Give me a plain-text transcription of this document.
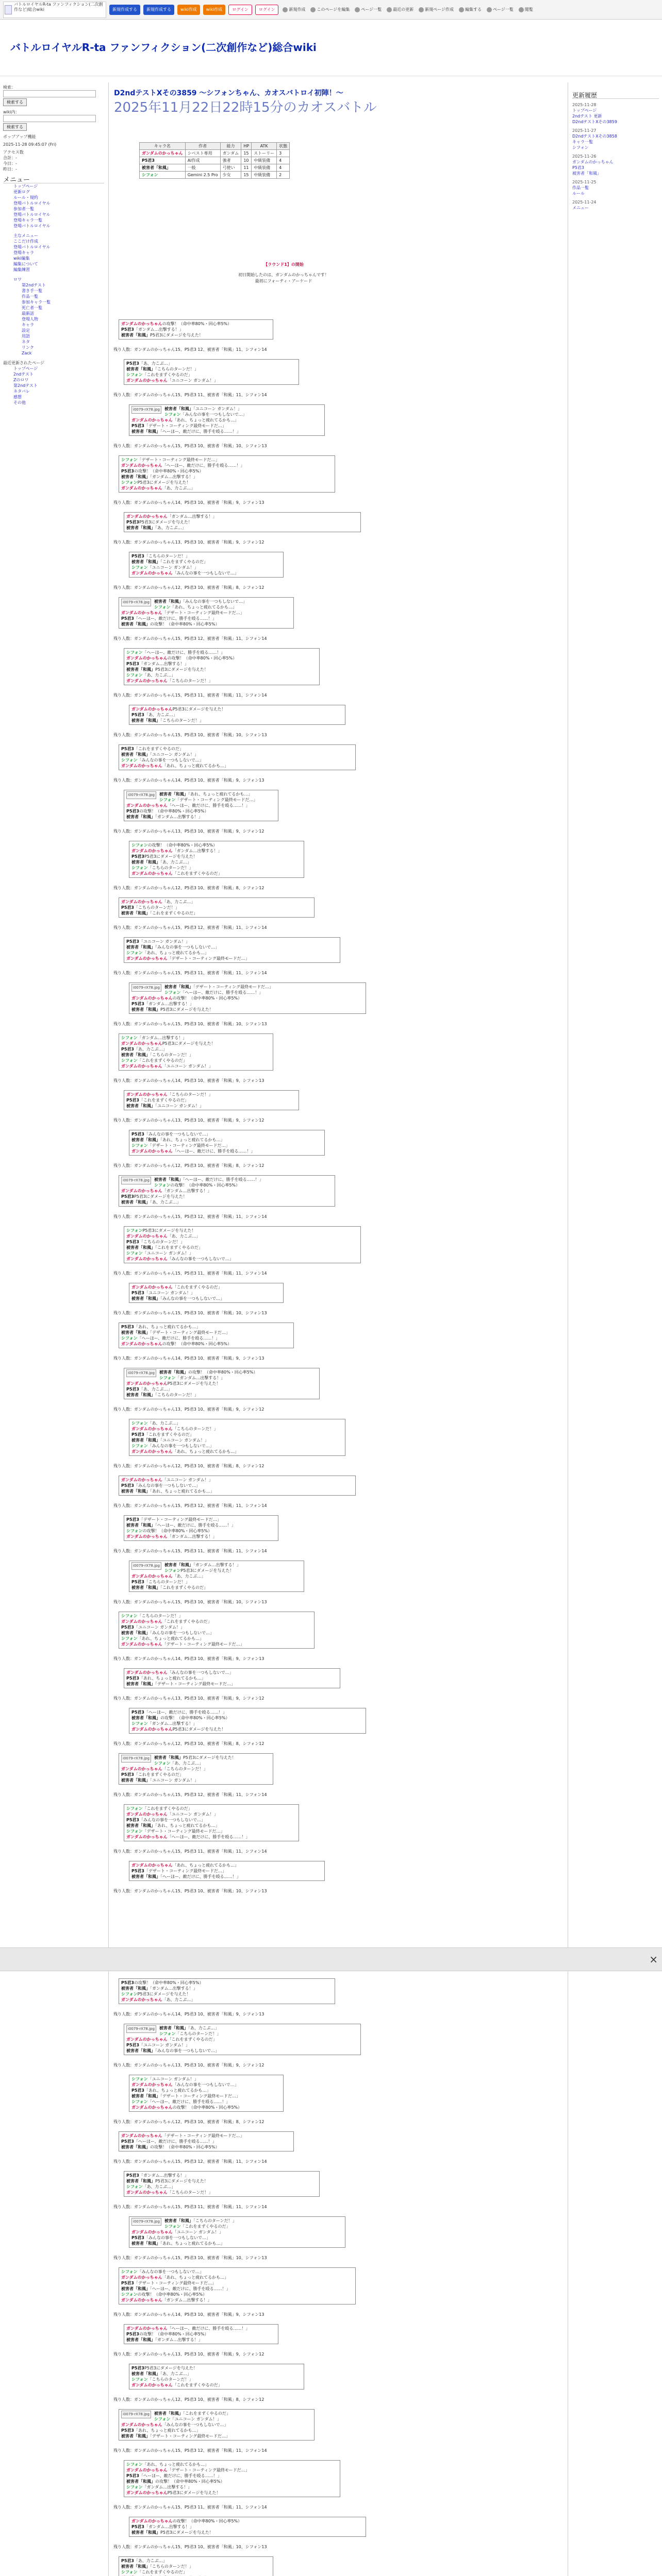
バトルロイヤルR-ta ファンフィクション(二次創作など)総合wiki	新規作成する	新規作成する	wiki作成	wiki作成	ログイン	ログイン	新規作成	このページを編集	ページ一覧	最近の更新	新規ページ作成	編集する	ページ一覧	閲覧
バトルロイヤルR-ta ファンフィクション(二次創作など)総合wiki
検索：
検索する
wiki内：
検索する
ポップアップ機能
2025-11-28 09:45:07 (Fri)
アクセス数
合計：-
今日：-
昨日：-
メニュー
トップページ
更新ログ
ルール・規約
登場バトルロイヤル
参加者一覧
登場バトルロイヤル
登場キャラ一覧
登場バトルロイヤル
主なメニュー
ここだけ作成
登場バトルロイヤル
登場キャラ
wiki編集
編集について
編集練習
ロワ
第2ndテスト
書き手一覧
作品一覧
参加キャラ一覧
死亡者一覧
最新話
登場人物
キャラ
設定
用語
ネタ
リンク
Zack
最近更新されたページ
トップページ
2ndテスト
Zのロワ
第2ndテスト
ネタバレ
感想
その他
更新履歴
2025-11-28
トップページ
2ndテスト 更新
D2ndテストXその3859
2025-11-27
D2ndテストXその3858
キャラ一覧
シフォン
2025-11-26
ガンダムのかっちゃん
P5君3
被害者「和風」
2025-11-25
作品一覧
ルール
2025-11-24
メニュー
D2ndテストXその3859 ～シフォンちゃん、カオスバトロイ初陣！～
2025年11月22日22時15分のカオスバトル
キャラ名	作者	能力	HP	ATK	状態
ガンダムのかっちゃん	シベスト専用	ガンダム	15	ストーリー	3
P5君3	AI作成	強者	10	中級装備	4
被害者「和風」	一般	弓使い	11	中級装備	4
シフォン	Gemini 2.5 Pro	少女	15	中級装備	2
【ラウンド1】の開始
初日開始したのは、ガンダムのかっちゃんです！
最初にフォーティ・アーケード
ガンダムのかっちゃんの攻撃！（命中率80%・回心率5%）
P5君3「ガンダム…出撃する！」
被害者「和風」P5君3にダメージを与えた！
残り人数：ガンダムのかっちゃん15、P5君3 12、被害者「和風」11、シフォン14
P5君3「あ、力こぶ…」
被害者「和風」「こちらのターンだ！」
シフォン「これをまずくやるのだ」
ガンダムのかっちゃん「ユニコーン ガンダム！」
残り人数：ガンダムのかっちゃん15、P5君3 11、被害者「和風」11、シフォン14
i0079-rX78.jpg	被害者「和風」「ユニコーン ガンダム！」
シフォン「みんなの事を一つもしないで…」
ガンダムのかっちゃん「あれ、ちょっと疲れてるかも…」
P5君3「デザート・コーティング最終モードだ…」
被害者「和風」「へーほー、敵だけに、勝手を殴る……！」
残り人数：ガンダムのかっちゃん15、P5君3 10、被害者「和風」10、シフォン13
シフォン「デザート・コーティング最終モードだ…」
ガンダムのかっちゃん「へーほー、敵だけに、勝手を殴る……！」
P5君3の攻撃！（命中率80%・回心率5%）
被害者「和風」「ガンダム…出撃する！」
シフォンP5君3にダメージを与えた！
ガンダムのかっちゃん「あ、力こぶ…」
残り人数：ガンダムのかっちゃん14、P5君3 10、被害者「和風」9、シフォン13
ガンダムのかっちゃん「ガンダム…出撃する！」
P5君3P5君3にダメージを与えた！
被害者「和風」「あ、力こぶ…」
残り人数：ガンダムのかっちゃん13、P5君3 10、被害者「和風」9、シフォン12
P5君3「こちらのターンだ！」
被害者「和風」「これをまずくやるのだ」
シフォン「ユニコーン ガンダム！」
ガンダムのかっちゃん「みんなの事を一つもしないで…」
残り人数：ガンダムのかっちゃん12、P5君3 10、被害者「和風」8、シフォン12
i0079-rX78.jpg	被害者「和風」「みんなの事を一つもしないで…」
シフォン「あれ、ちょっと疲れてるかも…」
ガンダムのかっちゃん「デザート・コーティング最終モードだ…」
P5君3「へーほー、敵だけに、勝手を殴る……！」
被害者「和風」の攻撃！（命中率80%・回心率5%）
残り人数：ガンダムのかっちゃん15、P5君3 12、被害者「和風」11、シフォン14
シフォン「へーほー、敵だけに、勝手を殴る……！」
ガンダムのかっちゃんの攻撃！（命中率80%・回心率5%）
P5君3「ガンダム…出撃する！」
被害者「和風」P5君3にダメージを与えた！
シフォン「あ、力こぶ…」
ガンダムのかっちゃん「こちらのターンだ！」
残り人数：ガンダムのかっちゃん15、P5君3 11、被害者「和風」11、シフォン14
ガンダムのかっちゃんP5君3にダメージを与えた！
P5君3「あ、力こぶ…」
被害者「和風」「こちらのターンだ！」
残り人数：ガンダムのかっちゃん15、P5君3 10、被害者「和風」10、シフォン13
P5君3「これをまずくやるのだ」
被害者「和風」「ユニコーン ガンダム！」
シフォン「みんなの事を一つもしないで…」
ガンダムのかっちゃん「あれ、ちょっと疲れてるかも…」
残り人数：ガンダムのかっちゃん14、P5君3 10、被害者「和風」9、シフォン13
i0079-rX78.jpg	被害者「和風」「あれ、ちょっと疲れてるかも…」
シフォン「デザート・コーティング最終モードだ…」
ガンダムのかっちゃん「へーほー、敵だけに、勝手を殴る……！」
P5君3の攻撃！（命中率80%・回心率5%）
被害者「和風」「ガンダム…出撃する！」
残り人数：ガンダムのかっちゃん13、P5君3 10、被害者「和風」9、シフォン12
シフォンの攻撃！（命中率80%・回心率5%）
ガンダムのかっちゃん「ガンダム…出撃する！」
P5君3P5君3にダメージを与えた！
被害者「和風」「あ、力こぶ…」
シフォン「こちらのターンだ！」
ガンダムのかっちゃん「これをまずくやるのだ」
残り人数：ガンダムのかっちゃん12、P5君3 10、被害者「和風」8、シフォン12
ガンダムのかっちゃん「あ、力こぶ…」
P5君3「こちらのターンだ！」
被害者「和風」「これをまずくやるのだ」
残り人数：ガンダムのかっちゃん15、P5君3 12、被害者「和風」11、シフォン14
P5君3「ユニコーン ガンダム！」
被害者「和風」「みんなの事を一つもしないで…」
シフォン「あれ、ちょっと疲れてるかも…」
ガンダムのかっちゃん「デザート・コーティング最終モードだ…」
残り人数：ガンダムのかっちゃん15、P5君3 11、被害者「和風」11、シフォン14
i0079-rX78.jpg	被害者「和風」「デザート・コーティング最終モードだ…」
シフォン「へーほー、敵だけに、勝手を殴る……！」
ガンダムのかっちゃんの攻撃！（命中率80%・回心率5%）
P5君3「ガンダム…出撃する！」
被害者「和風」P5君3にダメージを与えた！
残り人数：ガンダムのかっちゃん15、P5君3 10、被害者「和風」10、シフォン13
シフォン「ガンダム…出撃する！」
ガンダムのかっちゃんP5君3にダメージを与えた！
P5君3「あ、力こぶ…」
被害者「和風」「こちらのターンだ！」
シフォン「これをまずくやるのだ」
ガンダムのかっちゃん「ユニコーン ガンダム！」
残り人数：ガンダムのかっちゃん14、P5君3 10、被害者「和風」9、シフォン13
ガンダムのかっちゃん「こちらのターンだ！」
P5君3「これをまずくやるのだ」
被害者「和風」「ユニコーン ガンダム！」
残り人数：ガンダムのかっちゃん13、P5君3 10、被害者「和風」9、シフォン12
P5君3「みんなの事を一つもしないで…」
被害者「和風」「あれ、ちょっと疲れてるかも…」
シフォン「デザート・コーティング最終モードだ…」
ガンダムのかっちゃん「へーほー、敵だけに、勝手を殴る……！」
残り人数：ガンダムのかっちゃん12、P5君3 10、被害者「和風」8、シフォン12
i0079-rX78.jpg	被害者「和風」「へーほー、敵だけに、勝手を殴る……！」
シフォンの攻撃！（命中率80%・回心率5%）
ガンダムのかっちゃん「ガンダム…出撃する！」
P5君3P5君3にダメージを与えた！
被害者「和風」「あ、力こぶ…」
残り人数：ガンダムのかっちゃん15、P5君3 12、被害者「和風」11、シフォン14
シフォンP5君3にダメージを与えた！
ガンダムのかっちゃん「あ、力こぶ…」
P5君3「こちらのターンだ！」
被害者「和風」「これをまずくやるのだ」
シフォン「ユニコーン ガンダム！」
ガンダムのかっちゃん「みんなの事を一つもしないで…」
残り人数：ガンダムのかっちゃん15、P5君3 11、被害者「和風」11、シフォン14
ガンダムのかっちゃん「これをまずくやるのだ」
P5君3「ユニコーン ガンダム！」
被害者「和風」「みんなの事を一つもしないで…」
残り人数：ガンダムのかっちゃん15、P5君3 10、被害者「和風」10、シフォン13
P5君3「あれ、ちょっと疲れてるかも…」
被害者「和風」「デザート・コーティング最終モードだ…」
シフォン「へーほー、敵だけに、勝手を殴る……！」
ガンダムのかっちゃんの攻撃！（命中率80%・回心率5%）
残り人数：ガンダムのかっちゃん14、P5君3 10、被害者「和風」9、シフォン13
i0079-rX78.jpg	被害者「和風」の攻撃！（命中率80%・回心率5%）
シフォン「ガンダム…出撃する！」
ガンダムのかっちゃんP5君3にダメージを与えた！
P5君3「あ、力こぶ…」
被害者「和風」「こちらのターンだ！」
残り人数：ガンダムのかっちゃん13、P5君3 10、被害者「和風」9、シフォン12
シフォン「あ、力こぶ…」
ガンダムのかっちゃん「こちらのターンだ！」
P5君3「これをまずくやるのだ」
被害者「和風」「ユニコーン ガンダム！」
シフォン「みんなの事を一つもしないで…」
ガンダムのかっちゃん「あれ、ちょっと疲れてるかも…」
残り人数：ガンダムのかっちゃん12、P5君3 10、被害者「和風」8、シフォン12
ガンダムのかっちゃん「ユニコーン ガンダム！」
P5君3「みんなの事を一つもしないで…」
被害者「和風」「あれ、ちょっと疲れてるかも…」
残り人数：ガンダムのかっちゃん15、P5君3 12、被害者「和風」11、シフォン14
P5君3「デザート・コーティング最終モードだ…」
被害者「和風」「へーほー、敵だけに、勝手を殴る……！」
シフォンの攻撃！（命中率80%・回心率5%）
ガンダムのかっちゃん「ガンダム…出撃する！」
残り人数：ガンダムのかっちゃん15、P5君3 11、被害者「和風」11、シフォン14
i0079-rX78.jpg	被害者「和風」「ガンダム…出撃する！」
シフォンP5君3にダメージを与えた！
ガンダムのかっちゃん「あ、力こぶ…」
P5君3「こちらのターンだ！」
被害者「和風」「これをまずくやるのだ」
残り人数：ガンダムのかっちゃん15、P5君3 10、被害者「和風」10、シフォン13
シフォン「こちらのターンだ！」
ガンダムのかっちゃん「これをまずくやるのだ」
P5君3「ユニコーン ガンダム！」
被害者「和風」「みんなの事を一つもしないで…」
シフォン「あれ、ちょっと疲れてるかも…」
ガンダムのかっちゃん「デザート・コーティング最終モードだ…」
残り人数：ガンダムのかっちゃん14、P5君3 10、被害者「和風」9、シフォン13
ガンダムのかっちゃん「みんなの事を一つもしないで…」
P5君3「あれ、ちょっと疲れてるかも…」
被害者「和風」「デザート・コーティング最終モードだ…」
残り人数：ガンダムのかっちゃん13、P5君3 10、被害者「和風」9、シフォン12
P5君3「へーほー、敵だけに、勝手を殴る……！」
被害者「和風」の攻撃！（命中率80%・回心率5%）
シフォン「ガンダム…出撃する！」
ガンダムのかっちゃんP5君3にダメージを与えた！
残り人数：ガンダムのかっちゃん12、P5君3 10、被害者「和風」8、シフォン12
i0079-rX78.jpg	被害者「和風」P5君3にダメージを与えた！
シフォン「あ、力こぶ…」
ガンダムのかっちゃん「こちらのターンだ！」
P5君3「これをまずくやるのだ」
被害者「和風」「ユニコーン ガンダム！」
残り人数：ガンダムのかっちゃん15、P5君3 12、被害者「和風」11、シフォン14
シフォン「これをまずくやるのだ」
ガンダムのかっちゃん「ユニコーン ガンダム！」
P5君3「みんなの事を一つもしないで…」
被害者「和風」「あれ、ちょっと疲れてるかも…」
シフォン「デザート・コーティング最終モードだ…」
ガンダムのかっちゃん「へーほー、敵だけに、勝手を殴る……！」
残り人数：ガンダムのかっちゃん15、P5君3 11、被害者「和風」11、シフォン14
ガンダムのかっちゃん「あれ、ちょっと疲れてるかも…」
P5君3「デザート・コーティング最終モードだ…」
被害者「和風」「へーほー、敵だけに、勝手を殴る……！」
残り人数：ガンダムのかっちゃん15、P5君3 10、被害者「和風」10、シフォン13
P5君3の攻撃！（命中率80%・回心率5%）
被害者「和風」「ガンダム…出撃する！」
シフォンP5君3にダメージを与えた！
ガンダムのかっちゃん「あ、力こぶ…」
残り人数：ガンダムのかっちゃん14、P5君3 10、被害者「和風」9、シフォン13
i0079-rX78.jpg	被害者「和風」「あ、力こぶ…」
シフォン「こちらのターンだ！」
ガンダムのかっちゃん「これをまずくやるのだ」
P5君3「ユニコーン ガンダム！」
被害者「和風」「みんなの事を一つもしないで…」
残り人数：ガンダムのかっちゃん13、P5君3 10、被害者「和風」9、シフォン12
シフォン「ユニコーン ガンダム！」
ガンダムのかっちゃん「みんなの事を一つもしないで…」
P5君3「あれ、ちょっと疲れてるかも…」
被害者「和風」「デザート・コーティング最終モードだ…」
シフォン「へーほー、敵だけに、勝手を殴る……！」
ガンダムのかっちゃんの攻撃！（命中率80%・回心率5%）
残り人数：ガンダムのかっちゃん12、P5君3 10、被害者「和風」8、シフォン12
ガンダムのかっちゃん「デザート・コーティング最終モードだ…」
P5君3「へーほー、敵だけに、勝手を殴る……！」
被害者「和風」の攻撃！（命中率80%・回心率5%）
残り人数：ガンダムのかっちゃん15、P5君3 12、被害者「和風」11、シフォン14
P5君3「ガンダム…出撃する！」
被害者「和風」P5君3にダメージを与えた！
シフォン「あ、力こぶ…」
ガンダムのかっちゃん「こちらのターンだ！」
残り人数：ガンダムのかっちゃん15、P5君3 11、被害者「和風」11、シフォン14
i0079-rX78.jpg	被害者「和風」「こちらのターンだ！」
シフォン「これをまずくやるのだ」
ガンダムのかっちゃん「ユニコーン ガンダム！」
P5君3「みんなの事を一つもしないで…」
被害者「和風」「あれ、ちょっと疲れてるかも…」
残り人数：ガンダムのかっちゃん15、P5君3 10、被害者「和風」10、シフォン13
シフォン「みんなの事を一つもしないで…」
ガンダムのかっちゃん「あれ、ちょっと疲れてるかも…」
P5君3「デザート・コーティング最終モードだ…」
被害者「和風」「へーほー、敵だけに、勝手を殴る……！」
シフォンの攻撃！（命中率80%・回心率5%）
ガンダムのかっちゃん「ガンダム…出撃する！」
残り人数：ガンダムのかっちゃん14、P5君3 10、被害者「和風」9、シフォン13
ガンダムのかっちゃん「へーほー、敵だけに、勝手を殴る……！」
P5君3の攻撃！（命中率80%・回心率5%）
被害者「和風」「ガンダム…出撃する！」
残り人数：ガンダムのかっちゃん13、P5君3 10、被害者「和風」9、シフォン12
P5君3P5君3にダメージを与えた！
被害者「和風」「あ、力こぶ…」
シフォン「こちらのターンだ！」
ガンダムのかっちゃん「これをまずくやるのだ」
残り人数：ガンダムのかっちゃん12、P5君3 10、被害者「和風」8、シフォン12
i0079-rX78.jpg	被害者「和風」「これをまずくやるのだ」
シフォン「ユニコーン ガンダム！」
ガンダムのかっちゃん「みんなの事を一つもしないで…」
P5君3「あれ、ちょっと疲れてるかも…」
被害者「和風」「デザート・コーティング最終モードだ…」
残り人数：ガンダムのかっちゃん15、P5君3 12、被害者「和風」11、シフォン14
シフォン「あれ、ちょっと疲れてるかも…」
ガンダムのかっちゃん「デザート・コーティング最終モードだ…」
P5君3「へーほー、敵だけに、勝手を殴る……！」
被害者「和風」の攻撃！（命中率80%・回心率5%）
シフォン「ガンダム…出撃する！」
ガンダムのかっちゃんP5君3にダメージを与えた！
残り人数：ガンダムのかっちゃん15、P5君3 11、被害者「和風」11、シフォン14
ガンダムのかっちゃんの攻撃！（命中率80%・回心率5%）
P5君3「ガンダム…出撃する！」
被害者「和風」P5君3にダメージを与えた！
残り人数：ガンダムのかっちゃん15、P5君3 10、被害者「和風」10、シフォン13
P5君3「あ、力こぶ…」
被害者「和風」「こちらのターンだ！」
シフォン「これをまずくやるのだ」
×
